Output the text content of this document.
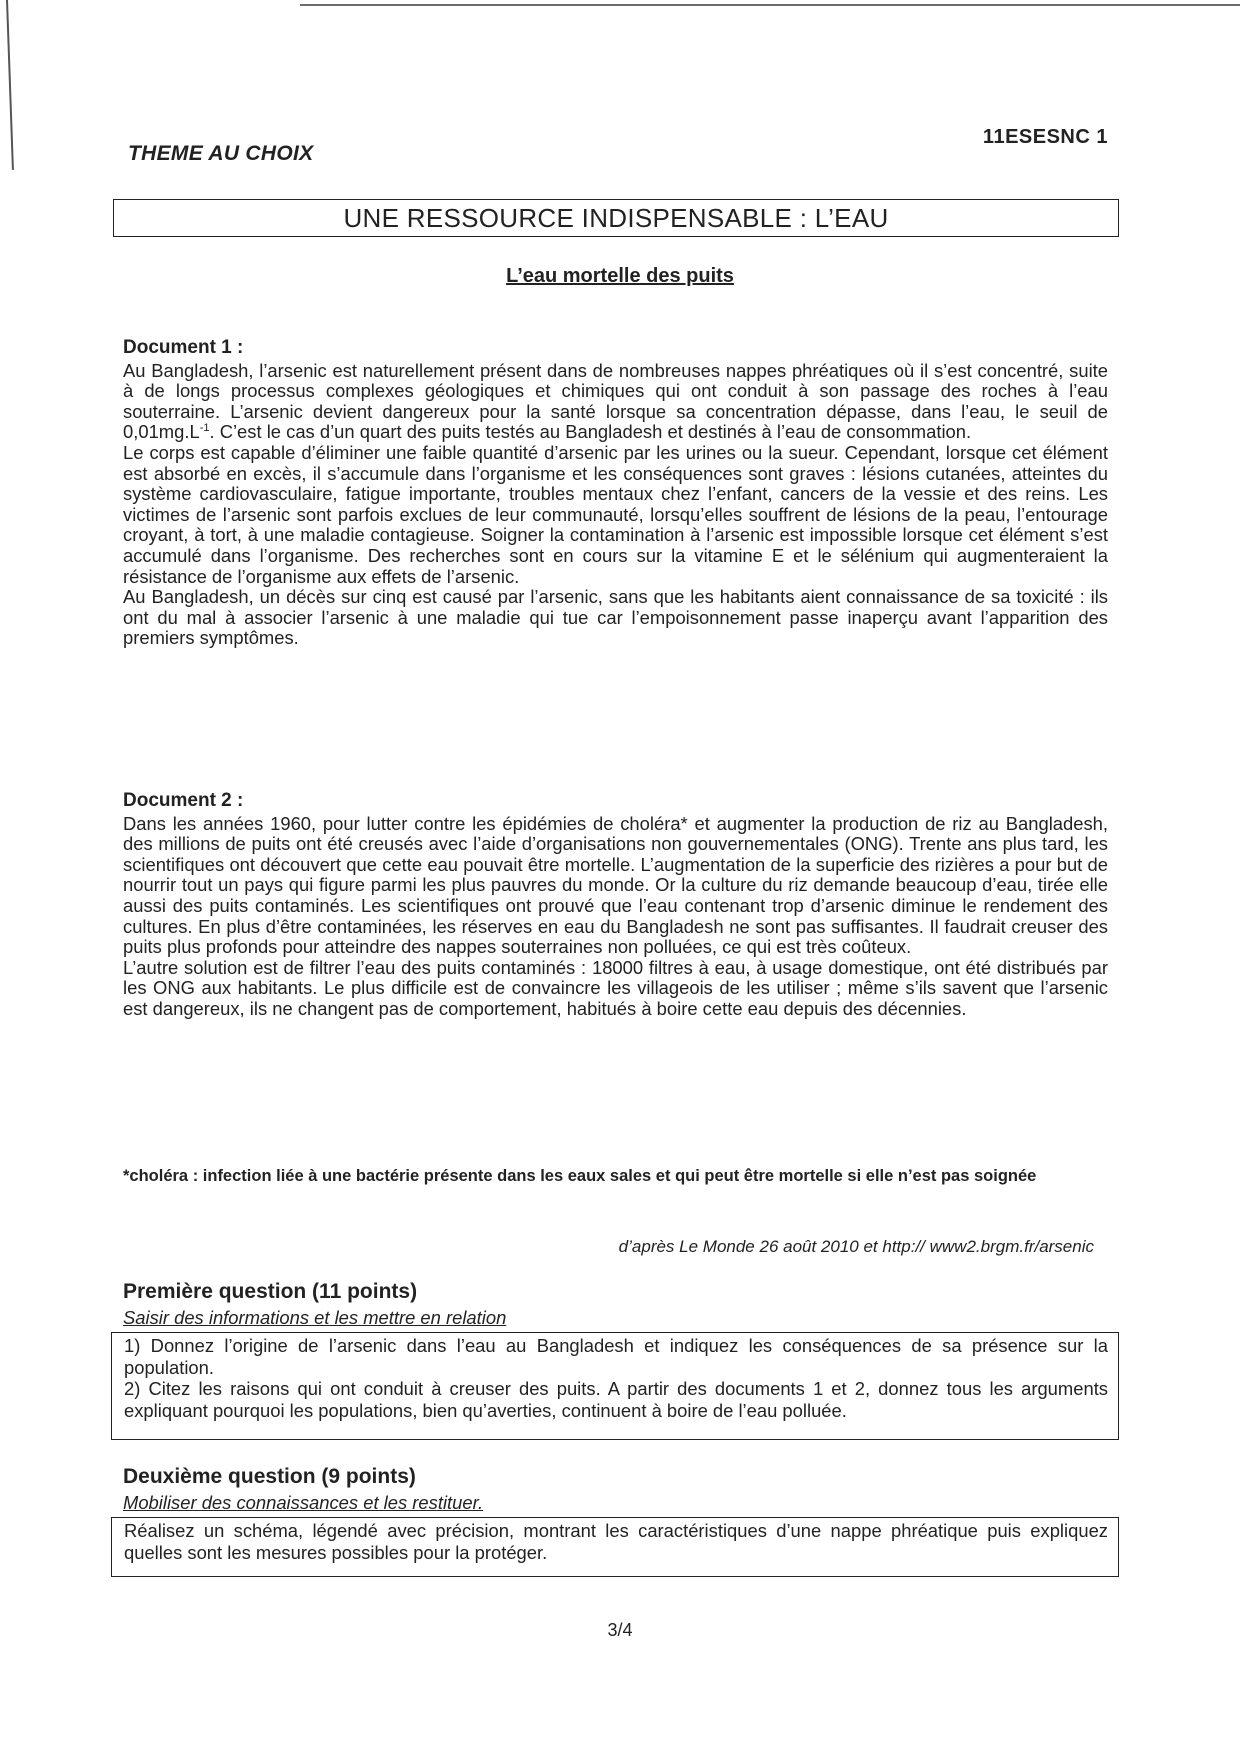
THEME AU CHOIX
11ESESNC 1
UNE RESSOURCE INDISPENSABLE : L’EAU
L’eau mortelle des puits

Document 1 :

Au Bangladesh, l’arsenic est naturellement présent dans de nombreuses nappes phréatiques où il s’est concentré, suite à de longs processus complexes géologiques et chimiques qui ont conduit à son passage des roches à l’eau souterraine. L’arsenic devient dangereux pour la santé lorsque sa concentration dépasse, dans l’eau, le seuil de $0,01mg.L^{-1}$. C’est le cas d’un quart des puits testés au Bangladesh et destinés à l’eau de consommation.

Le corps est capable d’éliminer une faible quantité d’arsenic par les urines ou la sueur. Cependant, lorsque cet élément est absorbé en excès, il s’accumule dans l’organisme et les conséquences sont graves : lésions cutanées, atteintes du système cardiovasculaire, fatigue importante, troubles mentaux chez l’enfant, cancers de la vessie et des reins. Les victimes de l’arsenic sont parfois exclues de leur communauté, lorsqu’elles souffrent de lésions de la peau, l’entourage croyant, à tort, à une maladie contagieuse. Soigner la contamination à l’arsenic est impossible lorsque cet élément s’est accumulé dans l’organisme. Des recherches sont en cours sur la vitamine E et le sélénium qui augmenteraient la résistance de l’organisme aux effets de l’arsenic.

Au Bangladesh, un décès sur cinq est causé par l’arsenic, sans que les habitants aient connaissance de sa toxicité : ils ont du mal à associer l’arsenic à une maladie qui tue car l’empoisonnement passe inaperçu avant l’apparition des premiers symptômes.

Document 2 :

Dans les années 1960, pour lutter contre les épidémies de choléra* et augmenter la production de riz au Bangladesh, des millions de puits ont été creusés avec l’aide d’organisations non gouvernementales (ONG). Trente ans plus tard, les scientifiques ont découvert que cette eau pouvait être mortelle. L’augmentation de la superficie des rizières a pour but de nourrir tout un pays qui figure parmi les plus pauvres du monde. Or la culture du riz demande beaucoup d’eau, tirée elle aussi des puits contaminés. Les scientifiques ont prouvé que l’eau contenant trop d’arsenic diminue le rendement des cultures. En plus d’être contaminées, les réserves en eau du Bangladesh ne sont pas suffisantes. Il faudrait creuser des puits plus profonds pour atteindre des nappes souterraines non polluées, ce qui est très coûteux.

L’autre solution est de filtrer l’eau des puits contaminés : 18000 filtres à eau, à usage domestique, ont été distribués par les ONG aux habitants. Le plus difficile est de convaincre les villageois de les utiliser ; même s’ils savent que l’arsenic est dangereux, ils ne changent pas de comportement, habitués à boire cette eau depuis des décennies.

*choléra : infection liée à une bactérie présente dans les eaux sales et qui peut être mortelle si elle n’est pas soignée
d’après Le Monde 26 août 2010 et http:// www2.brgm.fr/arsenic
Première question (11 points)
Saisir des informations et les mettre en relation

1) Donnez l’origine de l’arsenic dans l’eau au Bangladesh et indiquez les conséquences de sa présence sur la population.

2) Citez les raisons qui ont conduit à creuser des puits. A partir des documents 1 et 2, donnez tous les arguments expliquant pourquoi les populations, bien qu’averties, continuent à boire de l’eau polluée.

Deuxième question (9 points)
Mobiliser des connaissances et les restituer.

Réalisez un schéma, légendé avec précision, montrant les caractéristiques d’une nappe phréatique puis expliquez quelles sont les mesures possibles pour la protéger.

3/4
